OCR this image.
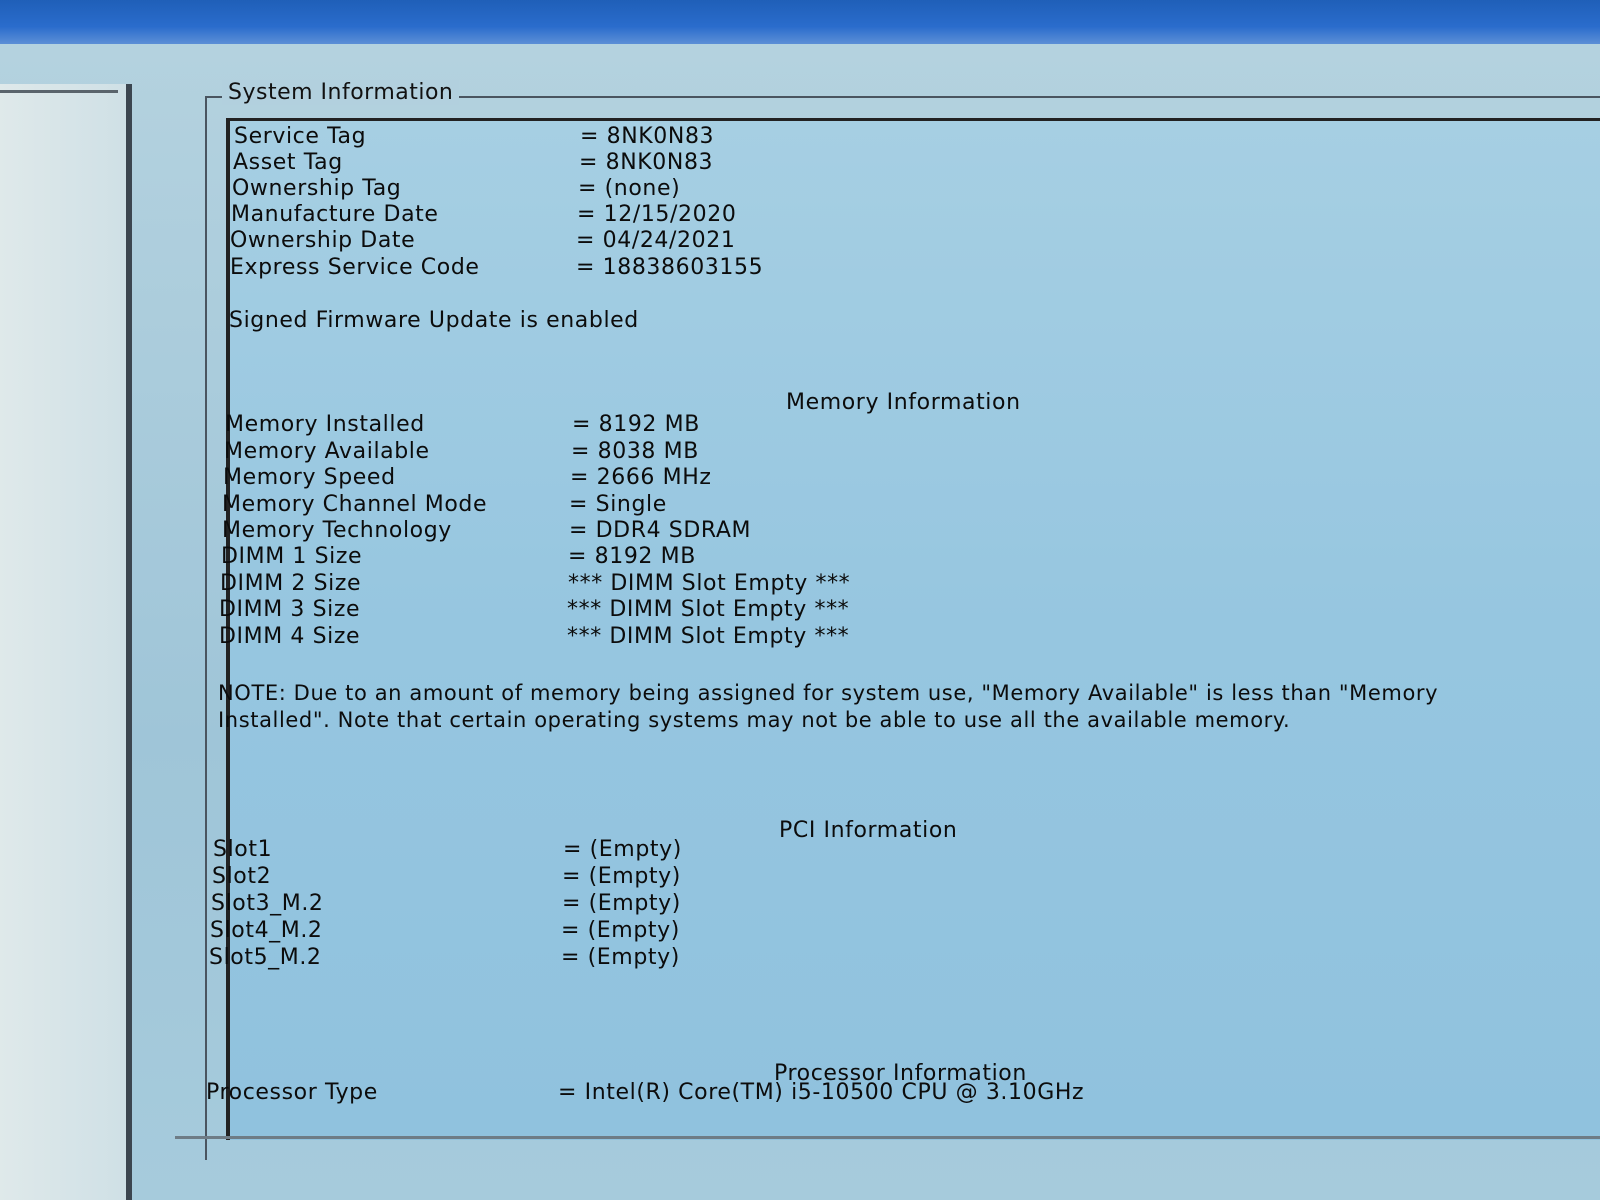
System Information
Service Tag	= 8NK0N83
Asset Tag	= 8NK0N83
Ownership Tag	= (none)
Manufacture Date	= 12/15/2020
Ownership Date	= 04/24/2021
Express Service Code	= 18838603155
Signed Firmware Update is enabled
Memory Information
Memory Installed	= 8192 MB
Memory Available	= 8038 MB
Memory Speed	= 2666 MHz
Memory Channel Mode	= Single
Memory Technology	= DDR4 SDRAM
DIMM 1 Size	= 8192 MB
DIMM 2 Size	*** DIMM Slot Empty ***
DIMM 3 Size	*** DIMM Slot Empty ***
DIMM 4 Size	*** DIMM Slot Empty ***
NOTE: Due to an amount of memory being assigned for system use, "Memory Available" is less than "Memory Installed". Note that certain operating systems may not be able to use all the available memory.
PCI Information
Slot1	= (Empty)
Slot2	= (Empty)
Slot3_M.2	= (Empty)
Slot4_M.2	= (Empty)
Slot5_M.2	= (Empty)
Processor Information
Processor Type	= Intel(R) Core(TM) i5-10500 CPU @ 3.10GHz
